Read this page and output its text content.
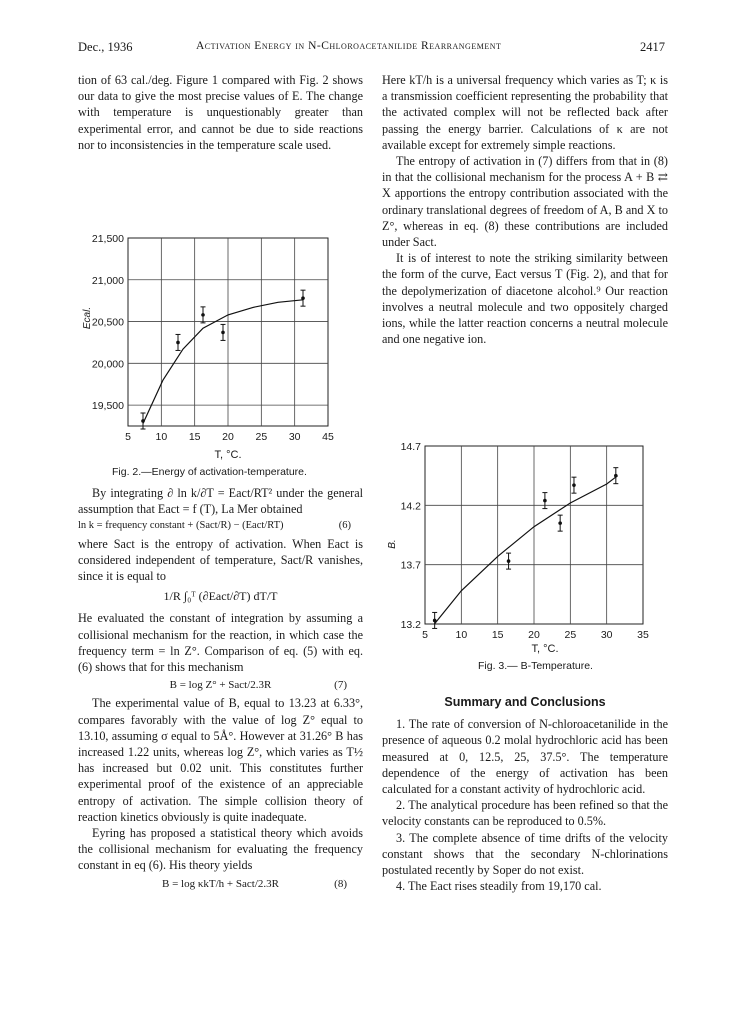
Dec., 1936	Activation Energy in N-Chloroacetanilide Rearrangement	2417

tion of 63 cal./deg. Figure 1 compared with Fig. 2 shows our data to give the most precise values of E. The change with temperature is unquestionably greater than experimental error, and cannot be due to side reactions nor to inconsistencies in the temperature scale used.

21,500
21,000
20,500
20,000
19,500
5 10 15 20 25 30 45
Ecal.
T, °C.
Fig. 2.—Energy of activation-temperature.

By integrating ∂ ln k/∂T = Eact/RT² under the general assumption that Eact = f (T), La Mer obtained

ln k = frequency constant + (Sact/R) − (Eact/RT)	(6)

where Sact is the entropy of activation. When Eact is considered independent of temperature, Sact/R vanishes, since it is equal to

1/R ∫₀ᵀ (∂Eact/∂T) dT/T

He evaluated the constant of integration by assuming a collisional mechanism for the reaction, in which case the frequency term = ln Z°. Comparison of eq. (5) with eq. (6) shows that for this mechanism

B = log Z° + Sact/2.3R	(7)

The experimental value of B, equal to 13.23 at 6.33°, compares favorably with the value of log Z° equal to 13.10, assuming σ equal to 5Å°. However at 31.26° B has increased 1.22 units, whereas log Z°, which varies as T½ has increased but 0.02 unit. This constitutes further experimental proof of the existence of an appreciable entropy of activation. The simple collision theory of reaction kinetics obviously is quite inadequate.

Eyring has proposed a statistical theory which avoids the collisional mechanism for evaluating the frequency constant in eq (6). His theory yields

B = log κkT/h + Sact/2.3R	(8)

Here kT/h is a universal frequency which varies as T; κ is a transmission coefficient representing the probability that the activated complex will not be reflected back after passing the energy barrier. Calculations of κ are not available except for extremely simple reactions.

The entropy of activation in (7) differs from that in (8) in that the collisional mechanism for the process A + B ⇄ X apportions the entropy contribution associated with the ordinary translational degrees of freedom of A, B and X to Z°, whereas in eq. (8) these contributions are included under Sact.

It is of interest to note the striking similarity between the form of the curve, Eact versus T (Fig. 2), and that for the depolymerization of diacetone alcohol.⁹ Our reaction involves a neutral molecule and two oppositely charged ions, while the latter reaction concerns a neutral molecule and one negative ion.

14.7
14.2
13.7
13.2
5	10 15 20 25 30 35
B.
T, °C.
Fig. 3.— B-Temperature.
Summary and Conclusions

1. The rate of conversion of N-chloroacetanilide in the presence of aqueous 0.2 molal hydrochloric acid has been measured at 0, 12.5, 25, 37.5°. The temperature dependence of the energy of activation has been calculated for a constant activity of hydrochloric acid.

2. The analytical procedure has been refined so that the velocity constants can be reproduced to 0.5%.

3. The complete absence of time drifts of the velocity constant shows that the secondary N-chlorinations postulated recently by Soper do not exist.

4. The Eact rises steadily from 19,170 cal.
